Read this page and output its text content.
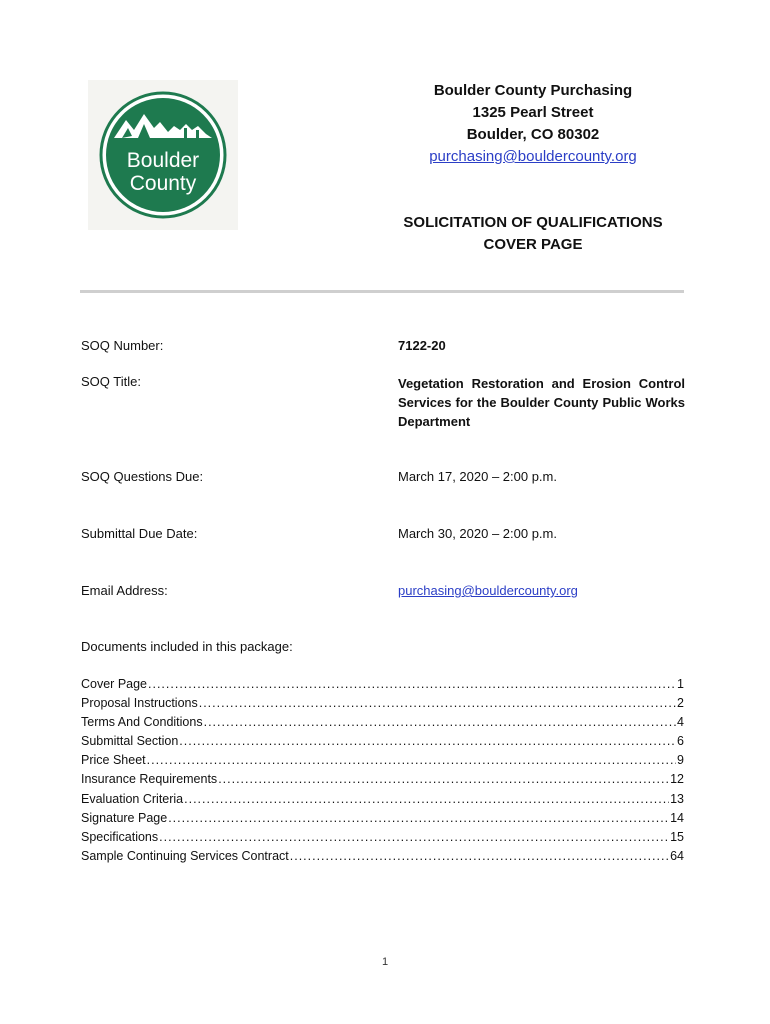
Boulder
County
Boulder County Purchasing
1325 Pearl Street
Boulder, CO 80302
purchasing@bouldercounty.org
SOLICITATION OF QUALIFICATIONS
COVER PAGE
SOQ Number:	7122-20
SOQ Title:	Vegetation Restoration and Erosion Control Services for the Boulder County Public Works Department
SOQ Questions Due:	March 17, 2020 – 2:00 p.m.
Submittal Due Date:	March 30, 2020 – 2:00 p.m.
Email Address:	purchasing@bouldercounty.org
Documents included in this package:
Cover Page .....	1
Proposal Instructions .....	2
Terms And Conditions .....	4
Submittal Section .....	6
Price Sheet .....	9
Insurance Requirements .....	12
Evaluation Criteria .....	13
Signature Page .....	14
Specifications .....	15
Sample Continuing Services Contract .....	64
1
